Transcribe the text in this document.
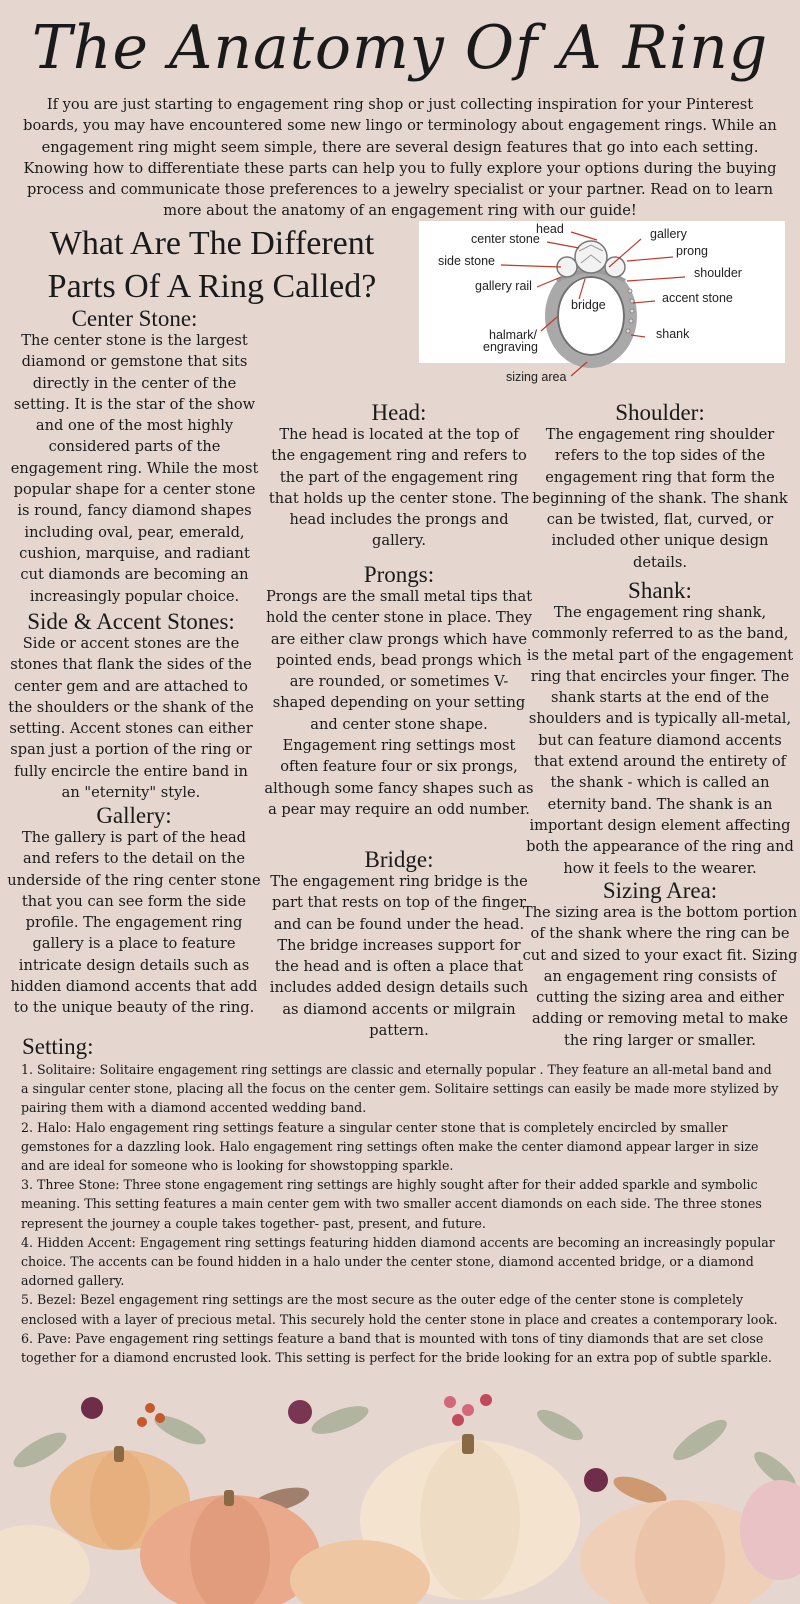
The Anatomy Of A Ring
If you are just starting to engagement ring shop or just collecting inspiration for your Pinterest boards, you may have encountered some new lingo or terminology about engagement rings. While an engagement ring might seem simple, there are several design features that go into each setting. Knowing how to differentiate these parts can help you to fully explore your options during the buying process and communicate those preferences to a jewelry specialist or your partner. Read on to learn more about the anatomy of an engagement ring with our guide!
What Are The Different Parts Of A Ring Called?
head
center stone	gallery
prong
side stone
shoulder
gallery rail
accent stone
bridge
halmark/
engraving
shank
sizing area
Center Stone:

The center stone is the largest diamond or gemstone that sits directly in the center of the setting. It is the star of the show and one of the most highly considered parts of the engagement ring. While the most popular shape for a center stone is round, fancy diamond shapes including oval, pear, emerald, cushion, marquise, and radiant cut diamonds are becoming an increasingly popular choice.

Side & Accent Stones:

Side or accent stones are the stones that flank the sides of the center gem and are attached to the shoulders or the shank of the setting. Accent stones can either span just a portion of the ring or fully encircle the entire band in an "eternity" style.

Gallery:

The gallery is part of the head and refers to the detail on the underside of the ring center stone that you can see form the side profile. The engagement ring gallery is a place to feature intricate design details such as hidden diamond accents that add to the unique beauty of the ring.

Head:

The head is located at the top of the engagement ring and refers to the part of the engagement ring that holds up the center stone. The head includes the prongs and gallery.

Prongs:

Prongs are the small metal tips that hold the center stone in place. They are either claw prongs which have pointed ends, bead prongs which are rounded, or sometimes V-shaped depending on your setting and center stone shape. Engagement ring settings most often feature four or six prongs, although some fancy shapes such as a pear may require an odd number.

Bridge:

The engagement ring bridge is the part that rests on top of the finger and can be found under the head. The bridge increases support for the head and is often a place that includes added design details such as diamond accents or milgrain pattern.

Shoulder:

The engagement ring shoulder refers to the top sides of the engagement ring that form the beginning of the shank. The shank can be twisted, flat, curved, or included other unique design details.

Shank:

The engagement ring shank, commonly referred to as the band, is the metal part of the engagement ring that encircles your finger. The shank starts at the end of the shoulders and is typically all-metal, but can feature diamond accents that extend around the entirety of the shank - which is called an eternity band. The shank is an important design element affecting both the appearance of the ring and how it feels to the wearer.

Sizing Area:

The sizing area is the bottom portion of the shank where the ring can be cut and sized to your exact fit. Sizing an engagement ring consists of cutting the sizing area and either adding or removing metal to make the ring larger or smaller.

Setting:
1. Solitaire: Solitaire engagement ring settings are classic and eternally popular . They feature an all-metal band and a singular center stone, placing all the focus on the center gem. Solitaire settings can easily be made more stylized by pairing them with a diamond accented wedding band.
2. Halo: Halo engagement ring settings feature a singular center stone that is completely encircled by smaller gemstones for a dazzling look. Halo engagement ring settings often make the center diamond appear larger in size and are ideal for someone who is looking for showstopping sparkle.
3. Three Stone: Three stone engagement ring settings are highly sought after for their added sparkle and symbolic meaning. This setting features a main center gem with two smaller accent diamonds on each side. The three stones represent the journey a couple takes together- past, present, and future.
4. Hidden Accent: Engagement ring settings featuring hidden diamond accents are becoming an increasingly popular choice. The accents can be found hidden in a halo under the center stone, diamond accented bridge, or a diamond adorned gallery.
5. Bezel: Bezel engagement ring settings are the most secure as the outer edge of the center stone is completely enclosed with a layer of precious metal. This securely hold the center stone in place and creates a contemporary look.
6. Pave: Pave engagement ring settings feature a band that is mounted with tons of tiny diamonds that are set close together for a diamond encrusted look. This setting is perfect for the bride looking for an extra pop of subtle sparkle.
